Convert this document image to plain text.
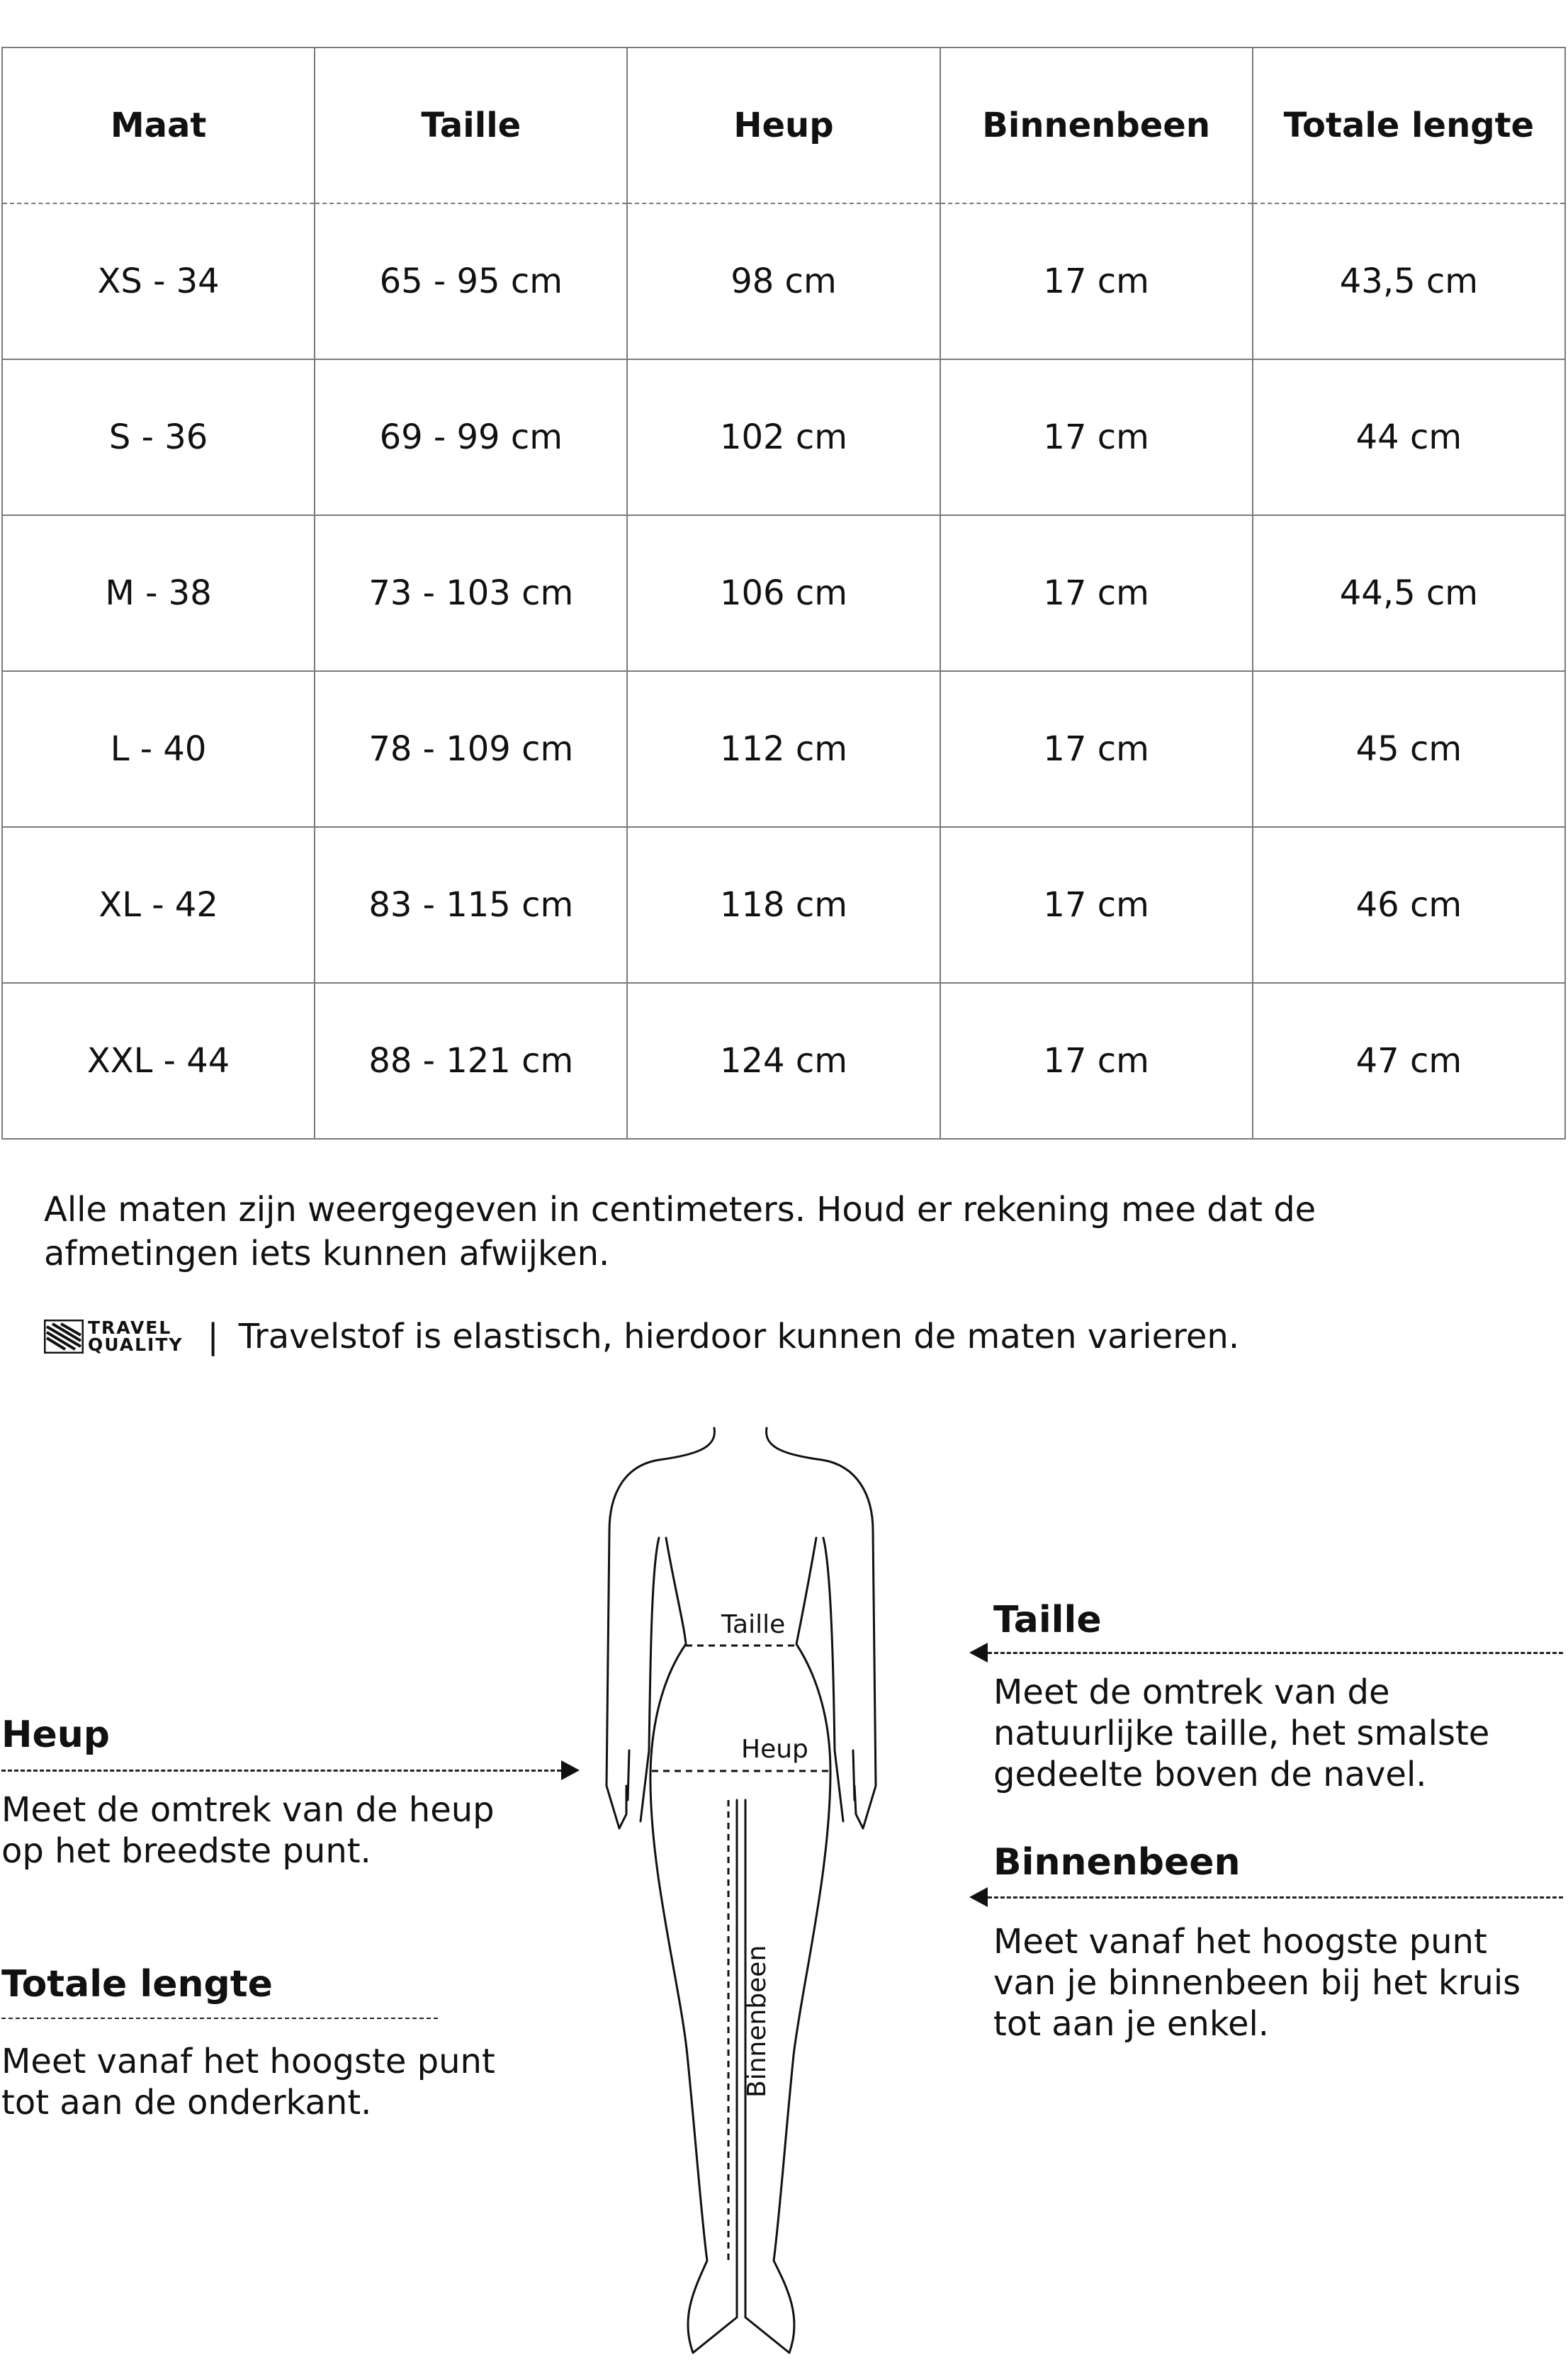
Maat	Taille	Heup	Binnenbeen	Totale lengte
XS - 34	65 - 95 cm	98 cm	17 cm	43,5 cm
S - 36	69 - 99 cm	102 cm	17 cm	44 cm
M - 38	73 - 103 cm	106 cm	17 cm	44,5 cm
L - 40	78 - 109 cm	112 cm	17 cm	45 cm
XL - 42	83 - 115 cm	118 cm	17 cm	46 cm
XXL - 44	88 - 121 cm	124 cm	17 cm	47 cm

Alle maten zijn weergegeven in centimeters. Houd er rekening mee dat de
afmetingen iets kunnen afwijken.

TRAVEL
QUALITY | Travelstof is elastisch, hierdoor kunnen de maten varieren.
Heup

Meet de omtrek van de heup
op het breedste punt.

Totale lengte

Meet vanaf het hoogste punt
tot aan de onderkant.

Taille

Meet de omtrek van de
natuurlijke taille, het smalste
gedeelte boven de navel.

Binnenbeen

Meet vanaf het hoogste punt
van je binnenbeen bij het kruis
tot aan je enkel.

Taille
Heup
Binnenbeen
